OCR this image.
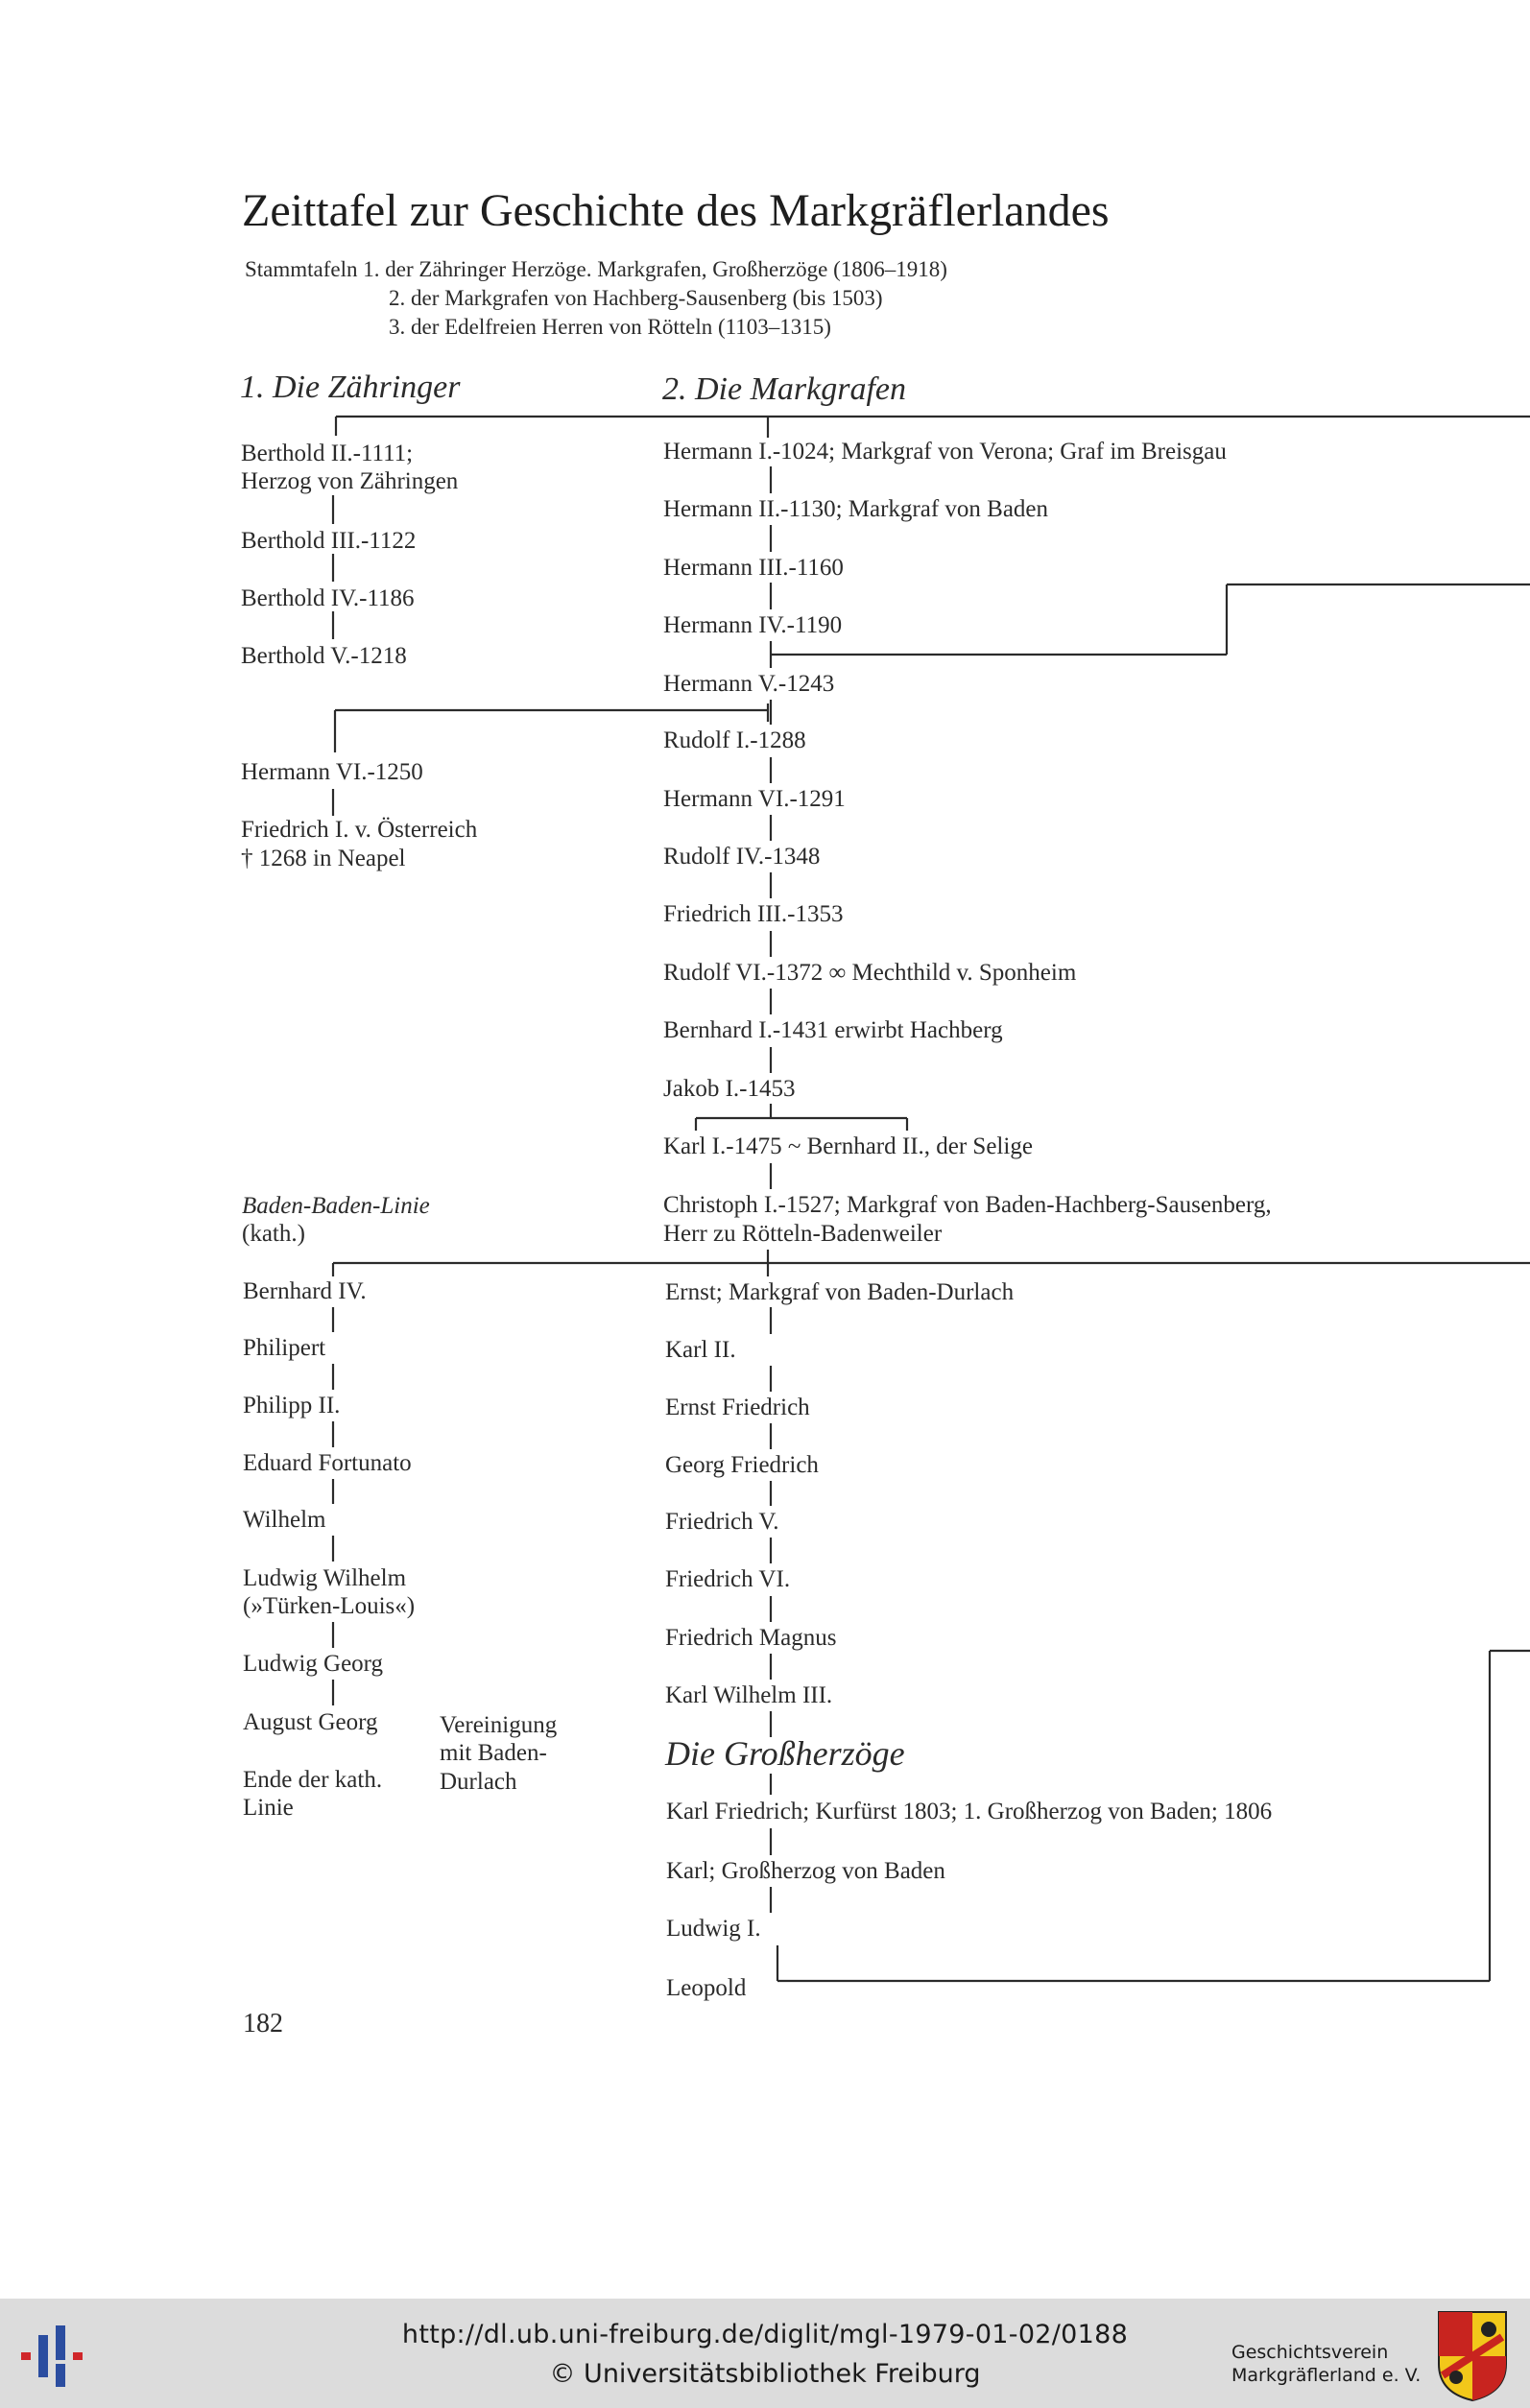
Zeittafel zur Geschichte des Markgräflerlandes
Stammtafeln 1. der Zähringer Herzöge. Markgrafen, Großherzöge (1806–1918)
2. der Markgrafen von Hachberg-Sausenberg (bis 1503)
3. der Edelfreien Herren von Rötteln (1103–1315)
1. Die Zähringer	2. Die Markgrafen
Berthold II.-1111;
Herzog von Zähringen
Berthold III.-1122
Berthold IV.-1186
Berthold V.-1218
Hermann VI.-1250
Friedrich I. v. Österreich
† 1268 in Neapel
Hermann I.-1024; Markgraf von Verona; Graf im Breisgau
Hermann II.-1130; Markgraf von Baden
Hermann III.-1160
Hermann IV.-1190
Hermann V.-1243
Rudolf I.-1288
Hermann VI.-1291
Rudolf IV.-1348
Friedrich III.-1353
Rudolf VI.-1372 ∞ Mechthild v. Sponheim
Bernhard I.-1431 erwirbt Hachberg
Jakob I.-1453
Karl I.-1475 ~ Bernhard II., der Selige
Christoph I.-1527; Markgraf von Baden-Hachberg-Sausenberg,
Herr zu Rötteln-Badenweiler
Baden-Baden-Linie
(kath.)
Bernhard IV.
Philipert
Philipp II.
Eduard Fortunato
Wilhelm
Ludwig Wilhelm
(»Türken-Louis«)
Ludwig Georg
August Georg
Ende der kath.
Linie
Vereinigung
mit Baden-
Durlach
Ernst; Markgraf von Baden-Durlach
Karl II.
Ernst Friedrich
Georg Friedrich
Friedrich V.
Friedrich VI.
Friedrich Magnus
Karl Wilhelm III.
Die Großherzöge
Karl Friedrich; Kurfürst 1803; 1. Großherzog von Baden; 1806
Karl; Großherzog von Baden
Ludwig I.
Leopold
182
http://dl.ub.uni-freiburg.de/diglit/mgl-1979-01-02/0188
© Universitätsbibliothek Freiburg
Geschichtsverein
Markgräflerland e. V.
